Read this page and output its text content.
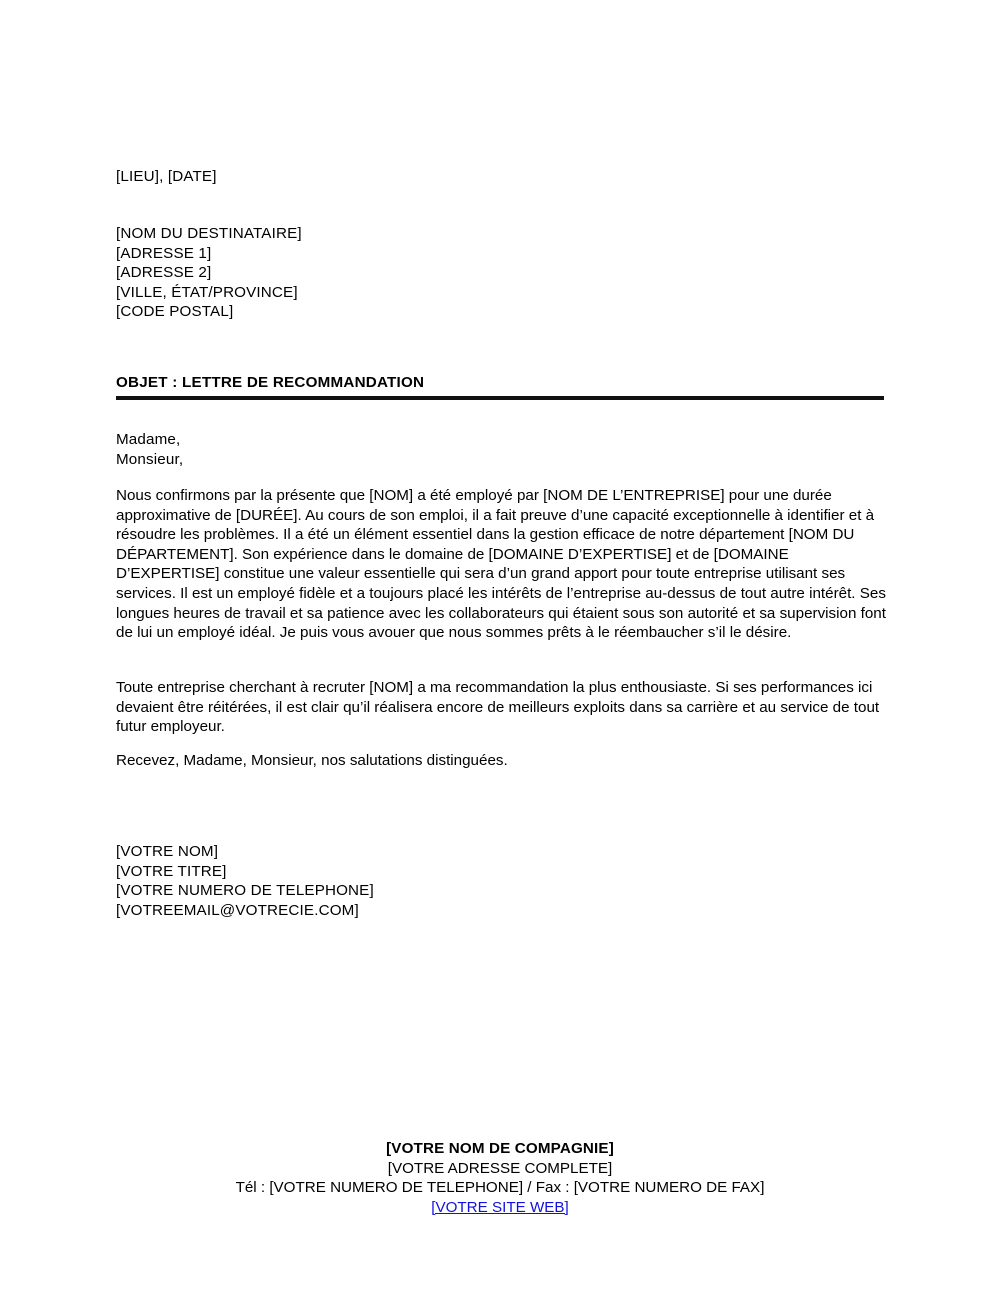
[LIEU], [DATE]
[NOM DU DESTINATAIRE]
[ADRESSE 1]
[ADRESSE 2]
[VILLE, ÉTAT/PROVINCE]
[CODE POSTAL]
OBJET : LETTRE DE RECOMMANDATION
Madame,
Monsieur,
Nous confirmons par la présente que [NOM] a été employé par [NOM DE L’ENTREPRISE] pour une durée approximative de [DURÉE]. Au cours de son emploi, il a fait preuve d’une capacité exceptionnelle à identifier et à résoudre les problèmes. Il a été un élément essentiel dans la gestion efficace de notre département [NOM DU DÉPARTEMENT]. Son expérience dans le domaine de [DOMAINE D’EXPERTISE] et de [DOMAINE D’EXPERTISE] constitue une valeur essentielle qui sera d’un grand apport pour toute entreprise utilisant ses services. Il est un employé fidèle et a toujours placé les intérêts de l’entreprise au-dessus de tout autre intérêt. Ses longues heures de travail et sa patience avec les collaborateurs qui étaient sous son autorité et sa supervision font de lui un employé idéal. Je puis vous avouer que nous sommes prêts à le réembaucher s’il le désire.
Toute entreprise cherchant à recruter [NOM] a ma recommandation la plus enthousiaste. Si ses performances ici devaient être réitérées, il est clair qu’il réalisera encore de meilleurs exploits dans sa carrière et au service de tout futur employeur.
Recevez, Madame, Monsieur, nos salutations distinguées.
[VOTRE NOM]
[VOTRE TITRE]
[VOTRE NUMERO DE TELEPHONE]
[VOTREEMAIL@VOTRECIE.COM]
[VOTRE NOM DE COMPAGNIE]
[VOTRE ADRESSE COMPLETE]
Tél : [VOTRE NUMERO DE TELEPHONE] / Fax : [VOTRE NUMERO DE FAX]
[VOTRE SITE WEB]
